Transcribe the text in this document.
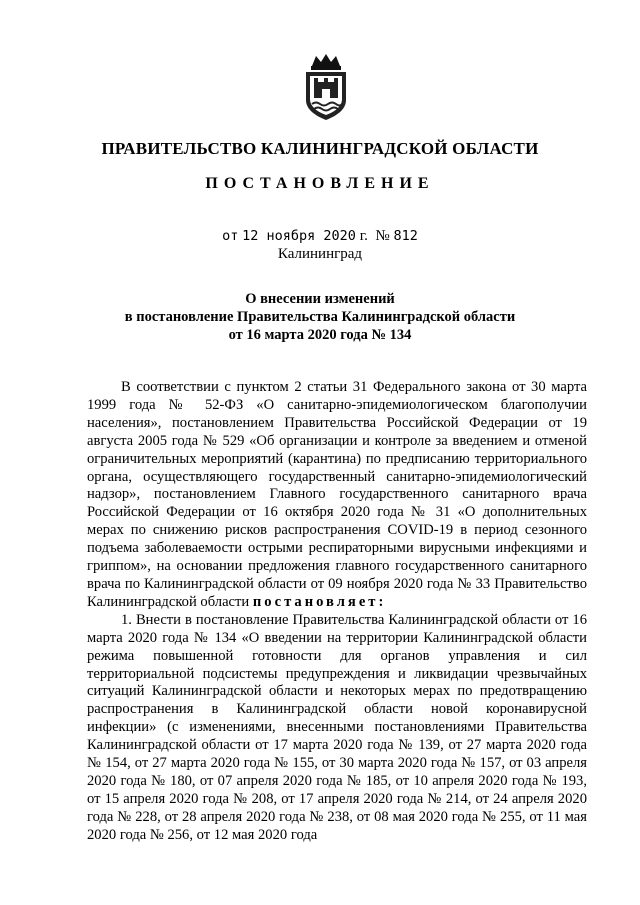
ПРАВИТЕЛЬСТВО КАЛИНИНГРАДСКОЙ ОБЛАСТИ
ПОСТАНОВЛЕНИЕ
от 12 ноября 2020 г. № 812
Калининград
О внесении изменений
в постановление Правительства Калининградской области
от 16 марта 2020 года № 134

В соответствии с пунктом 2 статьи 31 Федерального закона от 30 марта 1999 года № 52-ФЗ «О санитарно-эпидемиологическом благополучии населения», постановлением Правительства Российской Федерации от 19 августа 2005 года № 529 «Об организации и контроле за введением и отменой ограничительных мероприятий (карантина) по предписанию территориального органа, осуществляющего государственный санитарно-эпидемиологический надзор», постановлением Главного государственного санитарного врача Российской Федерации от 16 октября 2020 года № 31 «О дополнительных мерах по снижению рисков распространения COVID-19 в период сезонного подъема заболеваемости острыми респираторными вирусными инфекциями и гриппом», на основании предложения главного государственного санитарного врача по Калининградской области от 09 ноября 2020 года № 33 Правительство Калининградской области постановляет:

1. Внести в постановление Правительства Калининградской области от 16 марта 2020 года № 134 «О введении на территории Калининградской области режима повышенной готовности для органов управления и сил территориальной подсистемы предупреждения и ликвидации чрезвычайных ситуаций Калининградской области и некоторых мерах по предотвращению распространения в Калининградской области новой коронавирусной инфекции» (с изменениями, внесенными постановлениями Правительства Калининградской области от 17 марта 2020 года № 139, от 27 марта 2020 года № 154, от 27 марта 2020 года № 155, от 30 марта 2020 года № 157, от 03 апреля 2020 года № 180, от 07 апреля 2020 года № 185, от 10 апреля 2020 года № 193, от 15 апреля 2020 года № 208, от 17 апреля 2020 года № 214, от 24 апреля 2020 года № 228, от 28 апреля 2020 года № 238, от 08 мая 2020 года № 255, от 11 мая 2020 года № 256, от 12 мая 2020 года
